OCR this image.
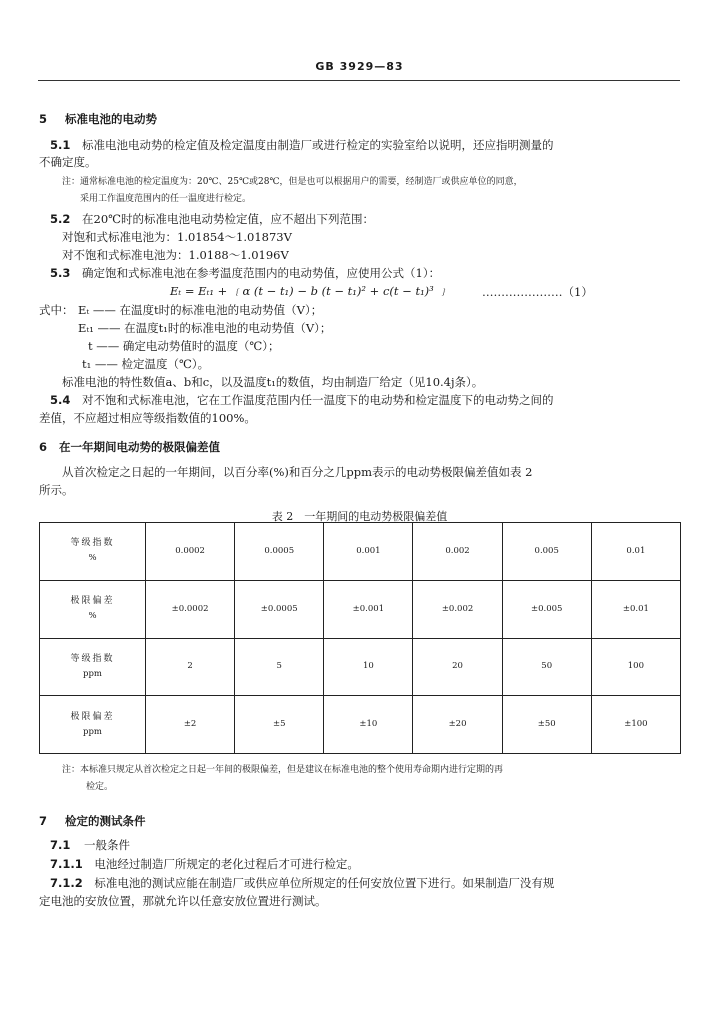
GB 3929—83
5 标准电池的电动势
5.1 标准电池电动势的检定值及检定温度由制造厂或进行检定的实验室给以说明，还应指明测量的
不确定度。
注：通常标准电池的检定温度为：20℃、25℃或28℃，但是也可以根据用户的需要，经制造厂或供应单位的同意，
采用工作温度范围内的任一温度进行检定。
5.2 在20℃时的标准电池电动势检定值，应不超出下列范围：
对饱和式标准电池为：1.01854～1.01873V
对不饱和式标准电池为：1.0188～1.0196V
5.3 确定饱和式标准电池在参考温度范围内的电动势值，应使用公式（1）：
Eₜ = Eₜ₁ + ﹛α (t − t₁) − b (t − t₁)² + c(t − t₁)³ ﹜	…………………（1）
式中： Eₜ —— 在温度t时的标准电池的电动势值（V）；
Eₜ₁ —— 在温度t₁时的标准电池的电动势值（V）；
t —— 确定电动势值时的温度（℃）；
t₁ —— 检定温度（℃）。
标准电池的特性数值a、b和c，以及温度t₁的数值，均由制造厂给定（见10.4j条）。
5.4 对不饱和式标准电池，它在工作温度范围内任一温度下的电动势和检定温度下的电动势之间的
差值，不应超过相应等级指数值的100%。
6 在一年期间电动势的极限偏差值
从首次检定之日起的一年期间，以百分率(%)和百分之几ppm表示的电动势极限偏差值如表 2
所示。
表 2　一年期间的电动势极限偏差值
等级指数
%	0.0002	0.0005	0.001	0.002	0.005	0.01
极限偏差
%	±0.0002	±0.0005	±0.001	±0.002	±0.005	±0.01
等级指数
ppm	2	5	10	20	50	100
极限偏差
ppm	±2	±5	±10	±20	±50	±100
注：本标准只规定从首次检定之日起一年间的极限偏差，但是建议在标准电池的整个使用寿命期内进行定期的再
检定。
7 检定的测试条件
7.1 一般条件
7.1.1 电池经过制造厂所规定的老化过程后才可进行检定。
7.1.2 标准电池的测试应能在制造厂或供应单位所规定的任何安放位置下进行。如果制造厂没有规
定电池的安放位置，那就允许以任意安放位置进行测试。
